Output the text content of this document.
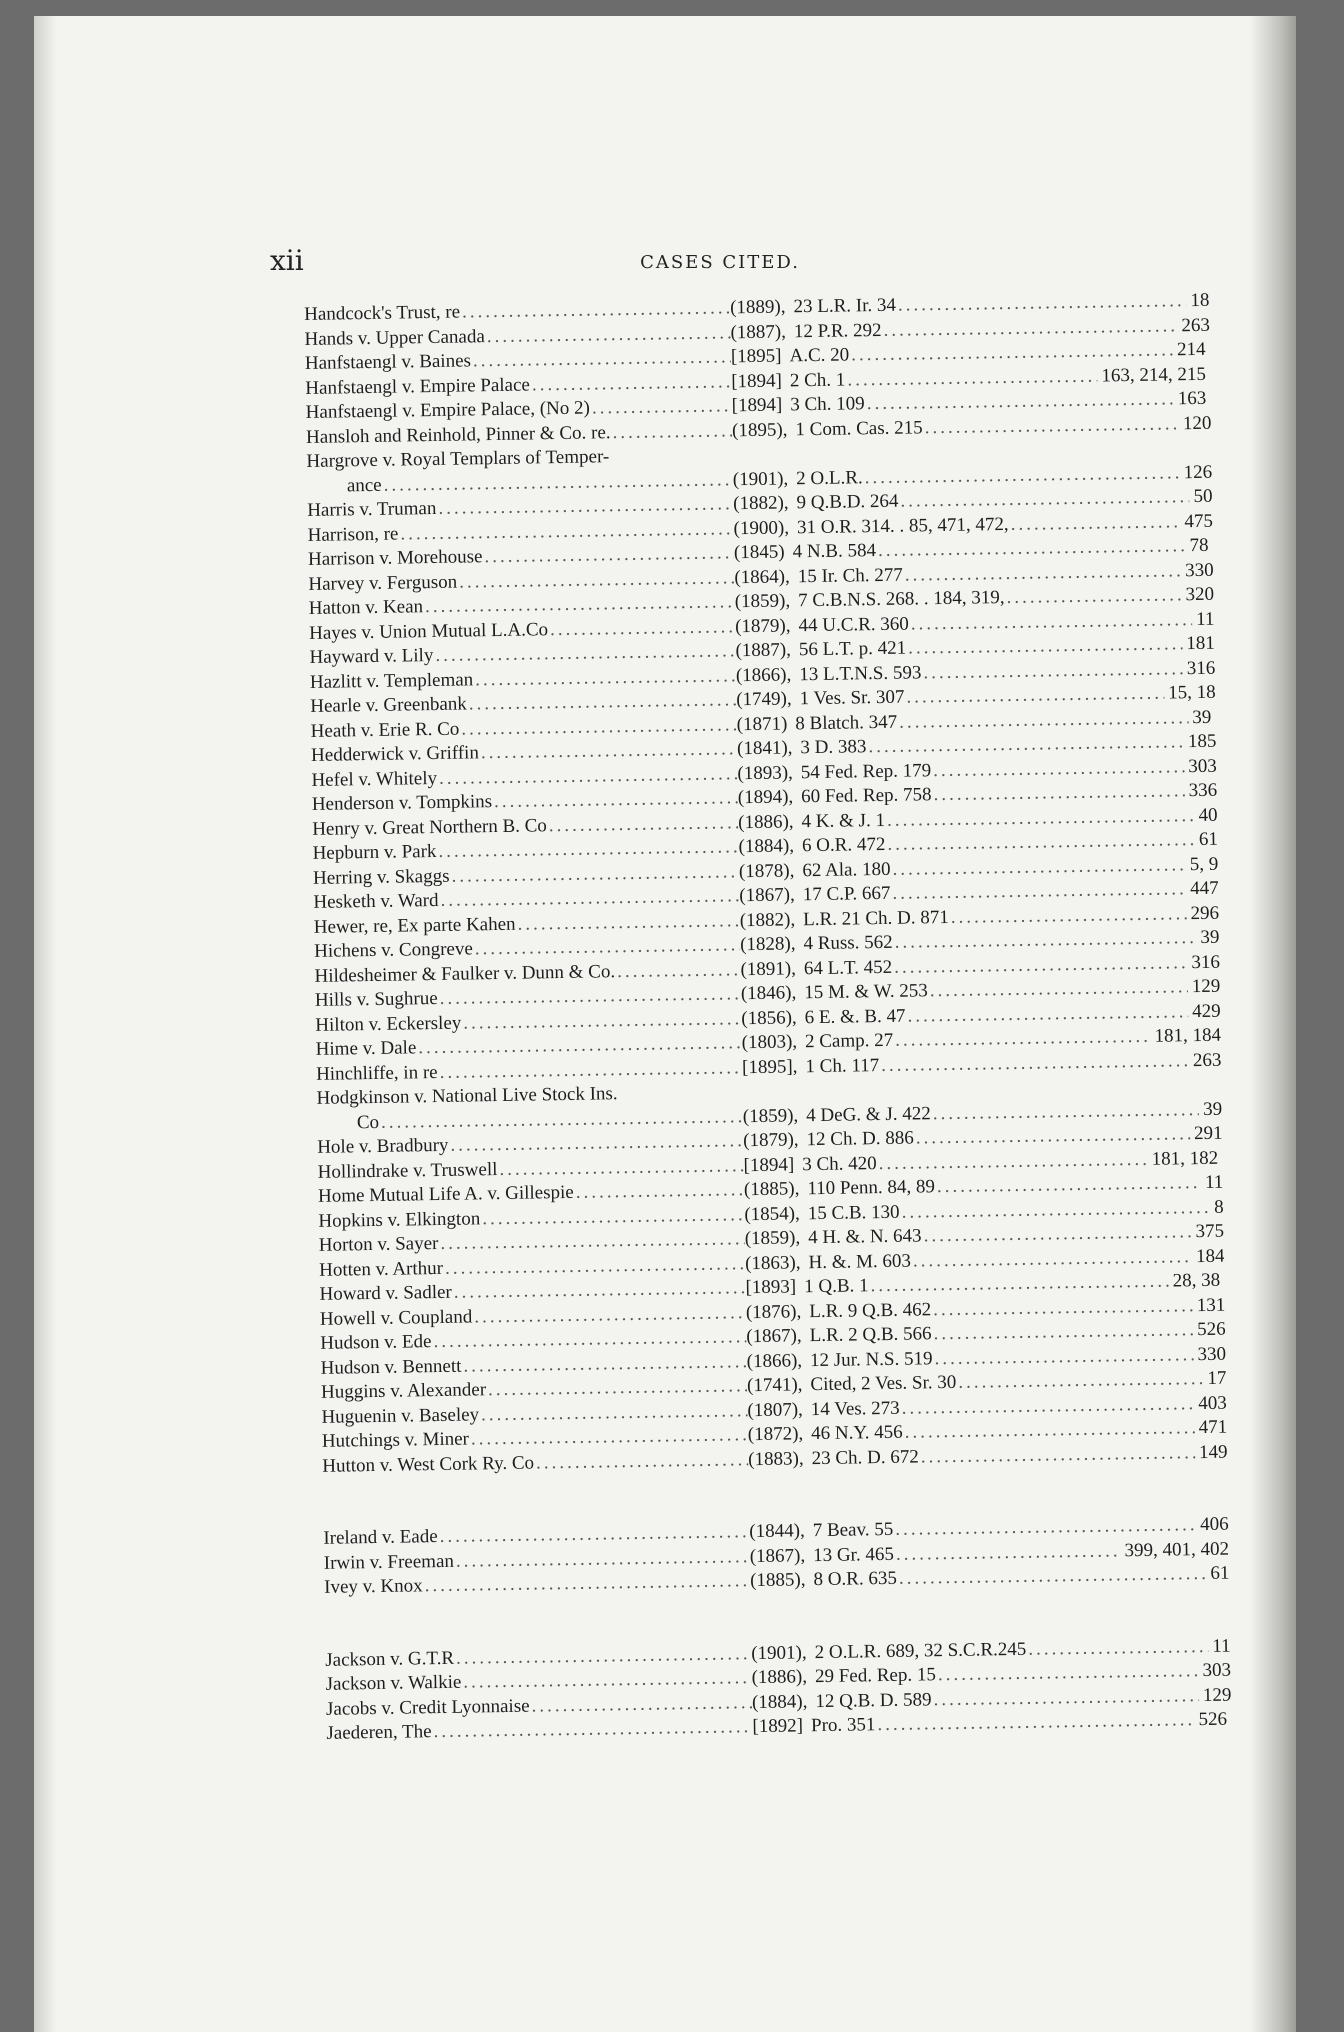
xii	CASES CITED.
Handcock's Trust, re .....	(1889), 23 L.R. Ir. 34 .....	18
Hands v. Upper Canada .....	(1887), 12 P.R. 292 .....	263
Hanfstaengl v. Baines .....	[1895] A.C. 20 .....	214
Hanfstaengl v. Empire Palace .....	[1894] 2 Ch. 1 .....	163, 214, 215
Hanfstaengl v. Empire Palace, (No 2) .....	[1894] 3 Ch. 109 .....	163
Hansloh and Reinhold, Pinner & Co. re. .....	(1895), 1 Com. Cas. 215 .....	120
Hargrove v. Royal Templars of Temper-
ance .....	(1901), 2 O.L.R. .....	126
Harris v. Truman .....	(1882), 9 Q.B.D. 264 .....	50
Harrison, re .....	(1900), 31 O.R. 314. . 85, 471, 472, .....	475
Harrison v. Morehouse .....	(1845) 4 N.B. 584 .....	78
Harvey v. Ferguson .....	(1864), 15 Ir. Ch. 277 .....	330
Hatton v. Kean .....	(1859), 7 C.B.N.S. 268. . 184, 319, .....	320
Hayes v. Union Mutual L.A.Co .....	(1879), 44 U.C.R. 360 .....	11
Hayward v. Lily .....	(1887), 56 L.T. p. 421 .....	181
Hazlitt v. Templeman .....	(1866), 13 L.T.N.S. 593 .....	316
Hearle v. Greenbank .....	(1749), 1 Ves. Sr. 307 .....	15, 18
Heath v. Erie R. Co .....	(1871) 8 Blatch. 347 .....	39
Hedderwick v. Griffin .....	(1841), 3 D. 383 .....	185
Hefel v. Whitely .....	(1893), 54 Fed. Rep. 179 .....	303
Henderson v. Tompkins .....	(1894), 60 Fed. Rep. 758 .....	336
Henry v. Great Northern B. Co .....	(1886), 4 K. & J. 1 .....	40
Hepburn v. Park .....	(1884), 6 O.R. 472 .....	61
Herring v. Skaggs .....	(1878), 62 Ala. 180 .....	5, 9
Hesketh v. Ward .....	(1867), 17 C.P. 667 .....	447
Hewer, re, Ex parte Kahen .....	(1882), L.R. 21 Ch. D. 871 .....	296
Hichens v. Congreve .....	(1828), 4 Russ. 562 .....	39
Hildesheimer & Faulker v. Dunn & Co. .....	(1891), 64 L.T. 452 .....	316
Hills v. Sughrue .....	(1846), 15 M. & W. 253 .....	129
Hilton v. Eckersley .....	(1856), 6 E. &. B. 47 .....	429
Hime v. Dale .....	(1803), 2 Camp. 27 .....	181, 184
Hinchliffe, in re .....	[1895], 1 Ch. 117 .....	263
Hodgkinson v. National Live Stock Ins.
Co .....	(1859), 4 DeG. & J. 422 .....	39
Hole v. Bradbury .....	(1879), 12 Ch. D. 886 .....	291
Hollindrake v. Truswell .....	[1894] 3 Ch. 420 .....	181, 182
Home Mutual Life A. v. Gillespie .....	(1885), 110 Penn. 84, 89 .....	11
Hopkins v. Elkington .....	(1854), 15 C.B. 130 .....	8
Horton v. Sayer .....	(1859), 4 H. &. N. 643 .....	375
Hotten v. Arthur .....	(1863), H. &. M. 603 .....	184
Howard v. Sadler .....	[1893] 1 Q.B. 1 .....	28, 38
Howell v. Coupland .....	(1876), L.R. 9 Q.B. 462 .....	131
Hudson v. Ede .....	(1867), L.R. 2 Q.B. 566 .....	526
Hudson v. Bennett .....	(1866), 12 Jur. N.S. 519 .....	330
Huggins v. Alexander .....	(1741), Cited, 2 Ves. Sr. 30 .....	17
Huguenin v. Baseley .....	(1807), 14 Ves. 273 .....	403
Hutchings v. Miner .....	(1872), 46 N.Y. 456 .....	471
Hutton v. West Cork Ry. Co .....	(1883), 23 Ch. D. 672 .....	149
Ireland v. Eade .....	(1844), 7 Beav. 55 .....	406
Irwin v. Freeman .....	(1867), 13 Gr. 465 .....	399, 401, 402
Ivey v. Knox .....	(1885), 8 O.R. 635 .....	61
Jackson v. G.T.R .....	(1901), 2 O.L.R. 689, 32 S.C.R.245 .....	11
Jackson v. Walkie .....	(1886), 29 Fed. Rep. 15 .....	303
Jacobs v. Credit Lyonnaise .....	(1884), 12 Q.B. D. 589 .....	129
Jaederen, The .....	[1892] Pro. 351 .....	526
